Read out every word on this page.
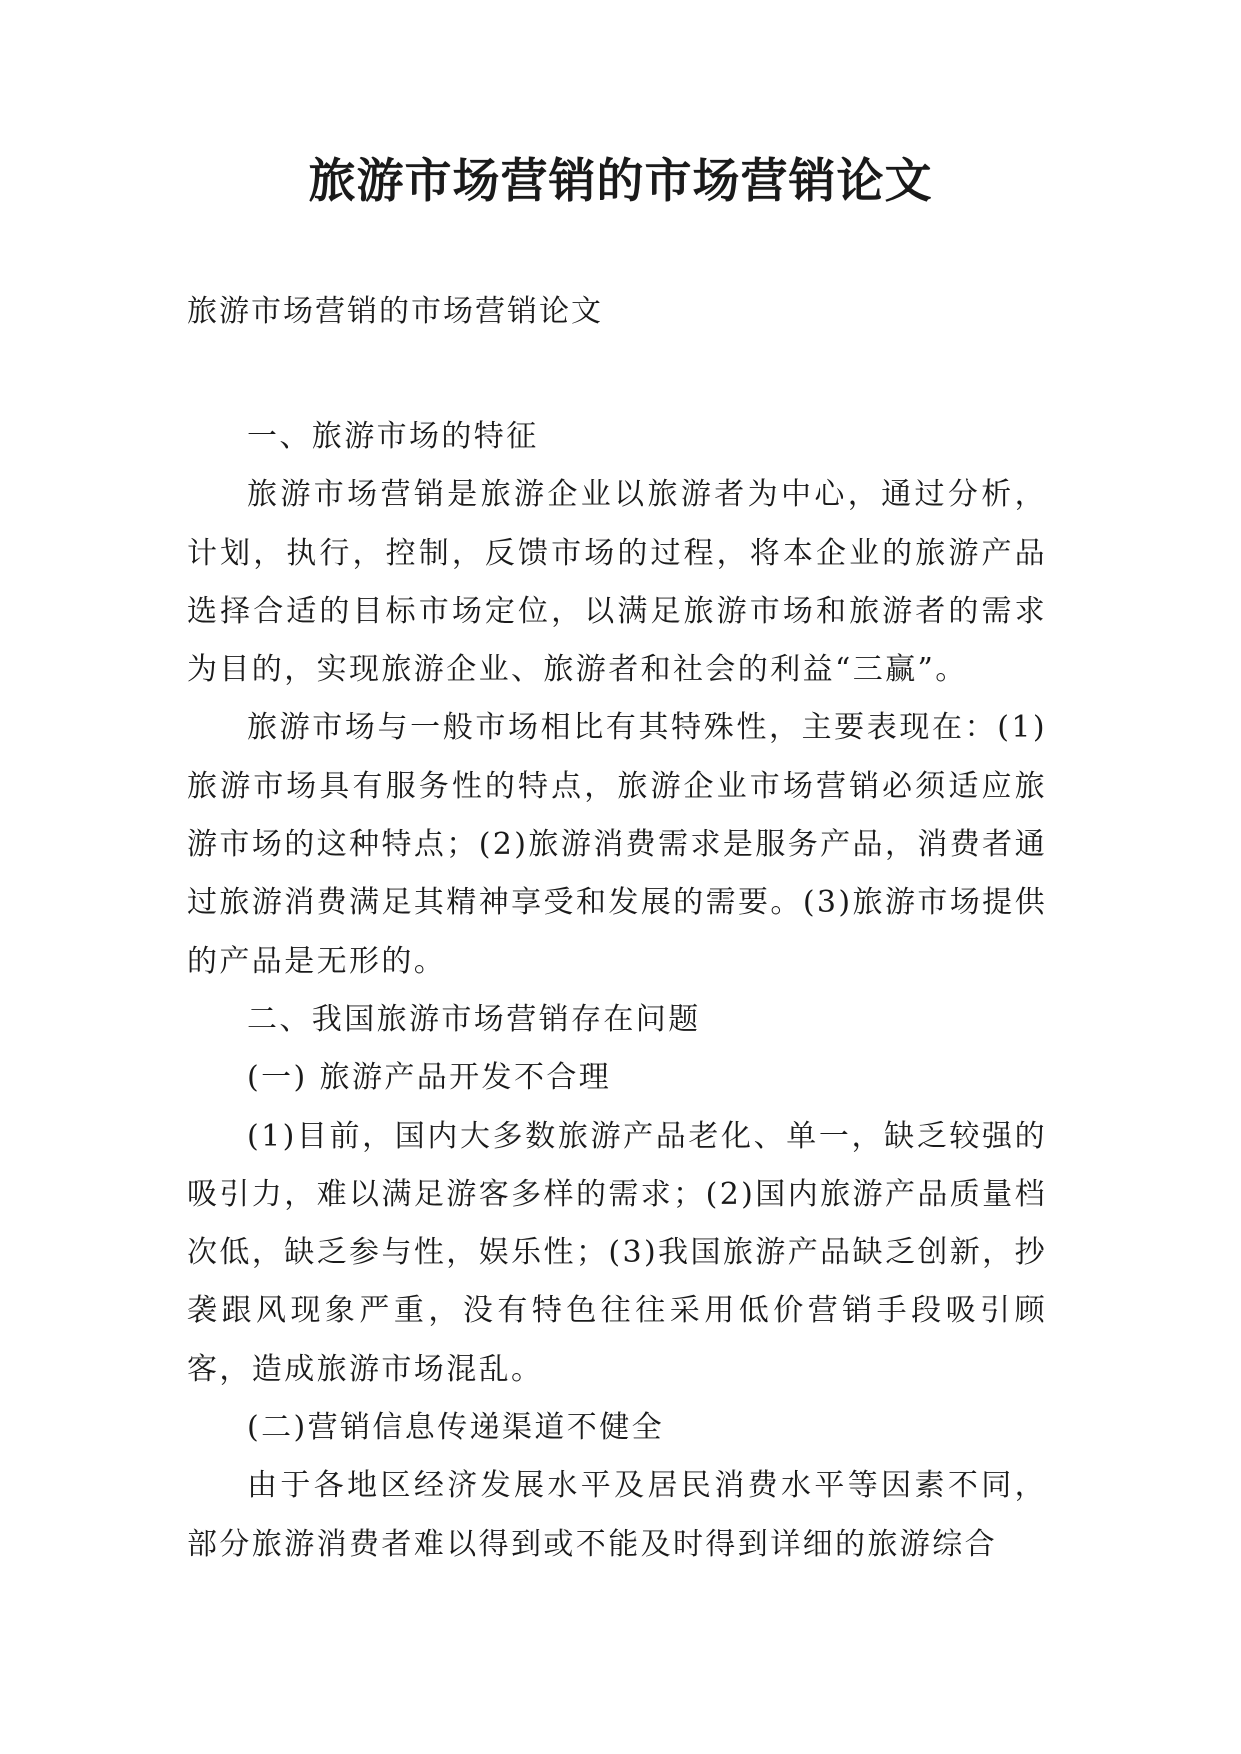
旅游市场营销的市场营销论文

旅游市场营销的市场营销论文

一、旅游市场的特征

旅游市场营销是旅游企业以旅游者为中心，通过分析，计划，执行，控制，反馈市场的过程，将本企业的旅游产品选择合适的目标市场定位，以满足旅游市场和旅游者的需求为目的，实现旅游企业、旅游者和社会的利益“三赢”。

旅游市场与一般市场相比有其特殊性，主要表现在：(1)旅游市场具有服务性的特点，旅游企业市场营销必须适应旅游市场的这种特点；(2)旅游消费需求是服务产品，消费者通过旅游消费满足其精神享受和发展的需要。(3)旅游市场提供的产品是无形的。

二、我国旅游市场营销存在问题

(一) 旅游产品开发不合理

(1)目前，国内大多数旅游产品老化、单一，缺乏较强的吸引力，难以满足游客多样的需求；(2)国内旅游产品质量档次低，缺乏参与性，娱乐性；(3)我国旅游产品缺乏创新，抄袭跟风现象严重，没有特色往往采用低价营销手段吸引顾客，造成旅游市场混乱。

(二)营销信息传递渠道不健全

由于各地区经济发展水平及居民消费水平等因素不同，部分旅游消费者难以得到或不能及时得到详细的旅游综合
